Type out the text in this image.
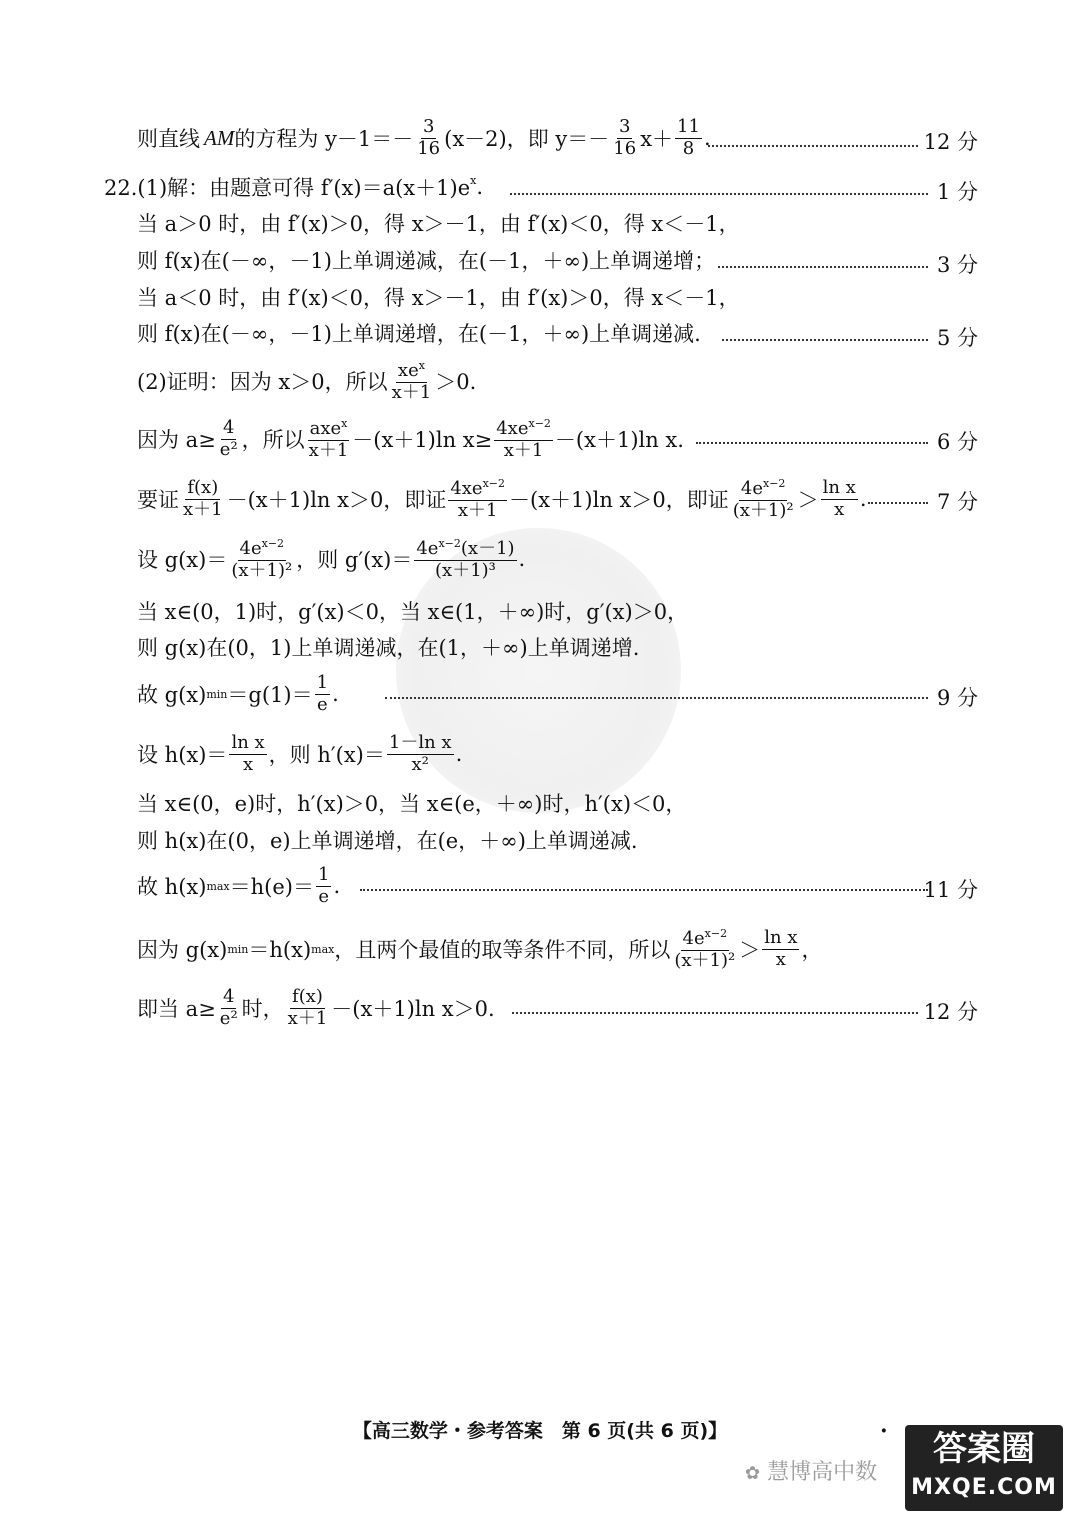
则直线 AM 的方程为 $y-1=- \frac{3}{16} (x-2)$，即 $y=- \frac{3}{16} x+ \frac{11}{8}$ .	12 分
22.(1)解：由题意可得 $f'(x)=a(x+1)e^x$ .	1 分
当 a＞0 时，由 f′(x)＞0，得 x＞－1，由 f′(x)＜0，得 x＜－1，
则 f(x)在(－∞，－1)上单调递减，在(－1，＋∞)上单调递增；	3 分
当 a＜0 时，由 f′(x)＜0，得 x＞－1，由 f′(x)＞0，得 x＜－1，
则 f(x)在(－∞，－1)上单调递增，在(－1，＋∞)上单调递减.	5 分
(2)证明：因为 x＞0，所以 $\frac{xe^x}{x+1} >0$.
因为 $a\ge \frac{4}{\text{e²}}$ ，所以 $\frac{axe^x}{x+1} -(x+1)\ln$ $x\ge \frac{4xe^{x-2}}{x+1} -(x+1)\ln$ x.	6 分
要证 $\frac{f(x)}{x+1} -(x+1)\ln$ x＞0，即证 $\frac{4xe^{x-2}}{x+1} -(x+1)\ln$ x＞0，即证 $\frac{4e^{x-2}}{\text{(x＋1)²}} > \frac{\text{ln x}}{x}$ .	7 分
设 $g(x)= \frac{4e^{x-2}}{\text{(x＋1)²}}$ ，则 $g'(x)= \frac{4e^{x-2}(x-1)}{\text{(x＋1)³}}$ .
当 x∈(0，1)时，g′(x)＜0，当 x∈(1，＋∞)时，g′(x)＞0，
则 g(x)在(0，1)上单调递减，在(1，＋∞)上单调递增.
故 g(x) $\min =g(1)= \frac{1}{e}$ .	9 分
设 $h(x)= \frac{\text{ln x}}{x}$ ，则 $h'(x)= \frac{\text{1－ln x}}{\text{x²}}$ .
当 x∈(0，e)时，h′(x)＞0，当 x∈(e，＋∞)时，h′(x)＜0，
则 h(x)在(0，e)上单调递增，在(e，＋∞)上单调递减.
故 h(x) $\max =h(e)= \frac{1}{e}$ .	11 分
因为 g(x) min ＝h(x) max ，且两个最值的取等条件不同，所以 $\frac{4e^{x-2}}{\text{(x＋1)²}} > \frac{\text{ln x}}{x}$ ，
即当 $a\ge \frac{4}{\text{e²}}$ 时， $\frac{f(x)}{x+1} -(x+1)\ln$ x＞0.	12 分
【高三数学・参考答案　第 6 页(共 6 页)】	·
✿ 慧博高中数
答案圈
MXQE.COM
